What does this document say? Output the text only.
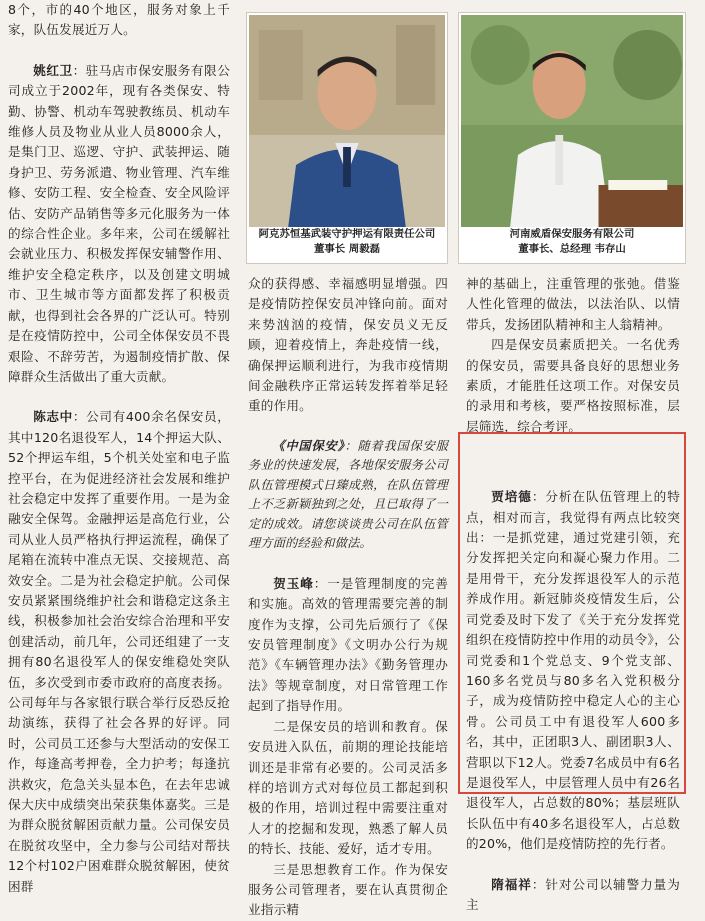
8个，市的40个地区，服务对象上千家，队伍发展近万人。

姚红卫：驻马店市保安服务有限公司成立于2002年，现有各类保安、特勤、协警、机动车驾驶教练员、机动车维修人员及物业从业人员8000余人，是集门卫、巡逻、守护、武装押运、随身护卫、劳务派遣、物业管理、汽车维修、安防工程、安全检查、安全风险评估、安防产品销售等多元化服务为一体的综合性企业。多年来，公司在缓解社会就业压力、积极发挥保安辅警作用、维护安全稳定秩序，以及创建文明城市、卫生城市等方面都发挥了积极贡献，也得到社会各界的广泛认可。特别是在疫情防控中，公司全体保安员不畏艰险、不辞劳苦，为遏制疫情扩散、保障群众生活做出了重大贡献。

陈志中：公司有400余名保安员，其中120名退役军人，14个押运大队、52个押运车组，5个机关处室和电子监控平台，在为促进经济社会发展和维护社会稳定中发挥了重要作用。一是为金融安全保驾。金融押运是高危行业，公司从业人员严格执行押运流程，确保了尾箱在流转中准点无误、交接规范、高效安全。二是为社会稳定护航。公司保安员紧紧围绕维护社会和谐稳定这条主线，积极参加社会治安综合治理和平安创建活动，前几年，公司还组建了一支拥有80名退役军人的保安维稳处突队伍，多次受到市委市政府的高度表扬。公司每年与各家银行联合举行反恐反抢劫演练，获得了社会各界的好评。同时，公司员工还参与大型活动的安保工作，每逢高考押卷，全力护考；每逢抗洪救灾，危急关头显本色，在去年忠诚保大庆中成绩突出荣获集体嘉奖。三是为群众脱贫解困贡献力量。公司保安员在脱贫攻坚中，全力参与公司结对帮扶12个村102户困难群众脱贫解困，使贫困群

阿克苏恒基武装守护押运有限责任公司
董事长 周毅磊
河南威盾保安服务有限公司
董事长、总经理 韦存山

众的获得感、幸福感明显增强。四是疫情防控保安员冲锋向前。面对来势汹汹的疫情，保安员义无反顾，迎着疫情上，奔赴疫情一线，确保押运顺利进行，为我市疫情期间金融秩序正常运转发挥着举足轻重的作用。

《中国保安》：随着我国保安服务业的快速发展，各地保安服务公司队伍管理模式日臻成熟，在队伍管理上不乏新颖独到之处，且已取得了一定的成效。请您谈谈贵公司在队伍管理方面的经验和做法。

贺玉峰：一是管理制度的完善和实施。高效的管理需要完善的制度作为支撑，公司先后颁行了《保安员管理制度》《文明办公行为规范》《车辆管理办法》《勤务管理办法》等规章制度，对日常管理工作起到了指导作用。

二是保安员的培训和教育。保安员进入队伍，前期的理论技能培训还是非常有必要的。公司灵活多样的培训方式对每位员工都起到积极的作用，培训过程中需要注重对人才的挖掘和发现，熟悉了解人员的特长、技能、爱好，适才专用。

三是思想教育工作。作为保安服务公司管理者，要在认真贯彻企业指示精

神的基础上，注重管理的张弛。借鉴人性化管理的做法，以法治队、以情带兵，发扬团队精神和主人翁精神。

四是保安员素质把关。一名优秀的保安员，需要具备良好的思想业务素质，才能胜任这项工作。对保安员的录用和考核，要严格按照标准，层层筛选，综合考评。

贾培德：分析在队伍管理上的特点，相对而言，我觉得有两点比较突出：一是抓党建，通过党建引领，充分发挥把关定向和凝心聚力作用。二是用骨干，充分发挥退役军人的示范养成作用。新冠肺炎疫情发生后，公司党委及时下发了《关于充分发挥党组织在疫情防控中作用的动员令》，公司党委和1个党总支、9个党支部、160多名党员与80多名入党积极分子，成为疫情防控中稳定人心的主心骨。公司员工中有退役军人600多名，其中，正团职3人、副团职3人、营职以下12人。党委7名成员中有6名是退役军人，中层管理人员中有26名退役军人，占总数的80%；基层班队长队伍中有40多名退役军人，占总数的20%，他们是疫情防控的先行者。

隋福祥：针对公司以辅警力量为主
